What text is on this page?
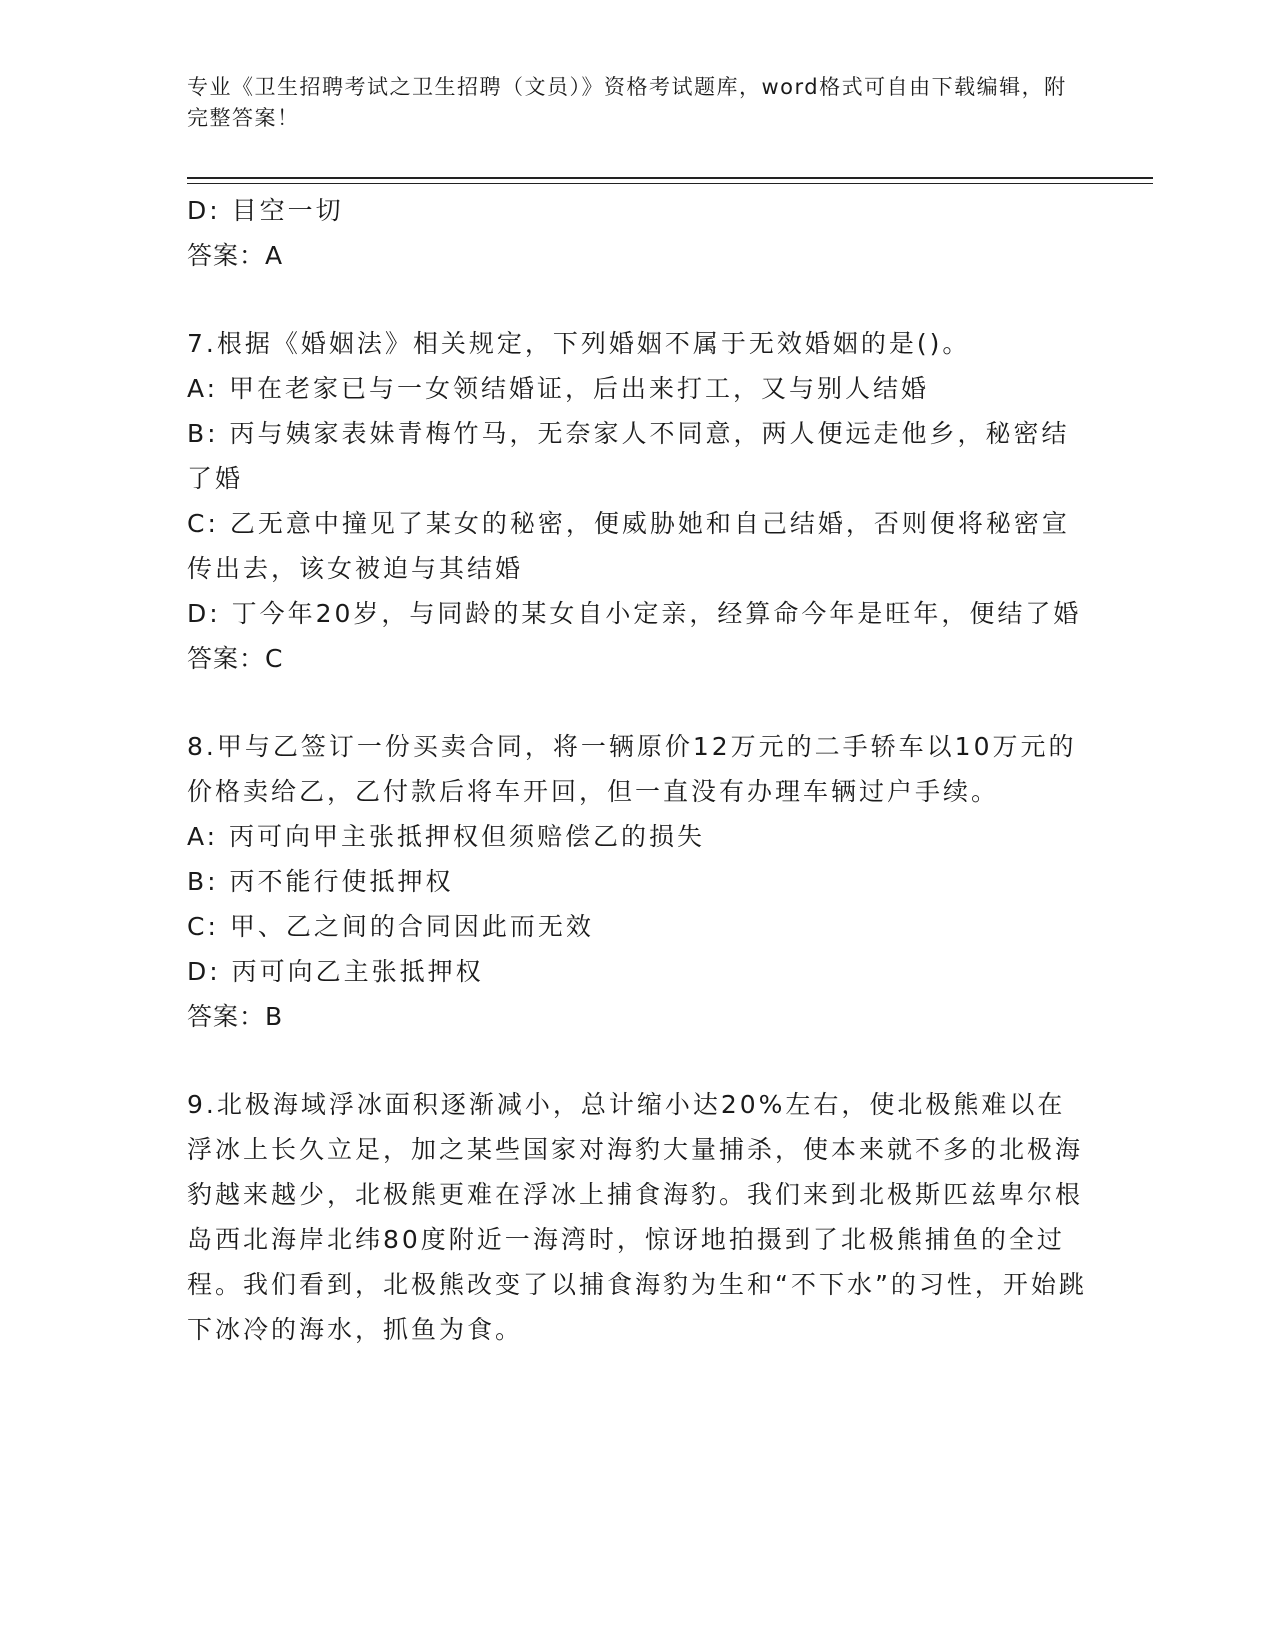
专业《卫生招聘考试之卫生招聘（文员）》资格考试题库，word格式可自由下载编辑，附完整答案！

D: 目空一切

答案：A

7.根据《婚姻法》相关规定，下列婚姻不属于无效婚姻的是()。

A: 甲在老家已与一女领结婚证，后出来打工，又与别人结婚

B: 丙与姨家表妹青梅竹马，无奈家人不同意，两人便远走他乡，秘密结了婚

C: 乙无意中撞见了某女的秘密，便威胁她和自己结婚，否则便将秘密宣传出去，该女被迫与其结婚

D: 丁今年20岁，与同龄的某女自小定亲，经算命今年是旺年，便结了婚

答案：C

8.甲与乙签订一份买卖合同，将一辆原价12万元的二手轿车以10万元的价格卖给乙，乙付款后将车开回，但一直没有办理车辆过户手续。

A: 丙可向甲主张抵押权但须赔偿乙的损失

B: 丙不能行使抵押权

C: 甲、乙之间的合同因此而无效

D: 丙可向乙主张抵押权

答案：B

9.北极海域浮冰面积逐渐减小，总计缩小达20%左右，使北极熊难以在浮冰上长久立足，加之某些国家对海豹大量捕杀，使本来就不多的北极海豹越来越少，北极熊更难在浮冰上捕食海豹。我们来到北极斯匹兹卑尔根岛西北海岸北纬80度附近一海湾时，惊讶地拍摄到了北极熊捕鱼的全过程。我们看到，北极熊改变了以捕食海豹为生和“不下水”的习性，开始跳下冰冷的海水，抓鱼为食。
